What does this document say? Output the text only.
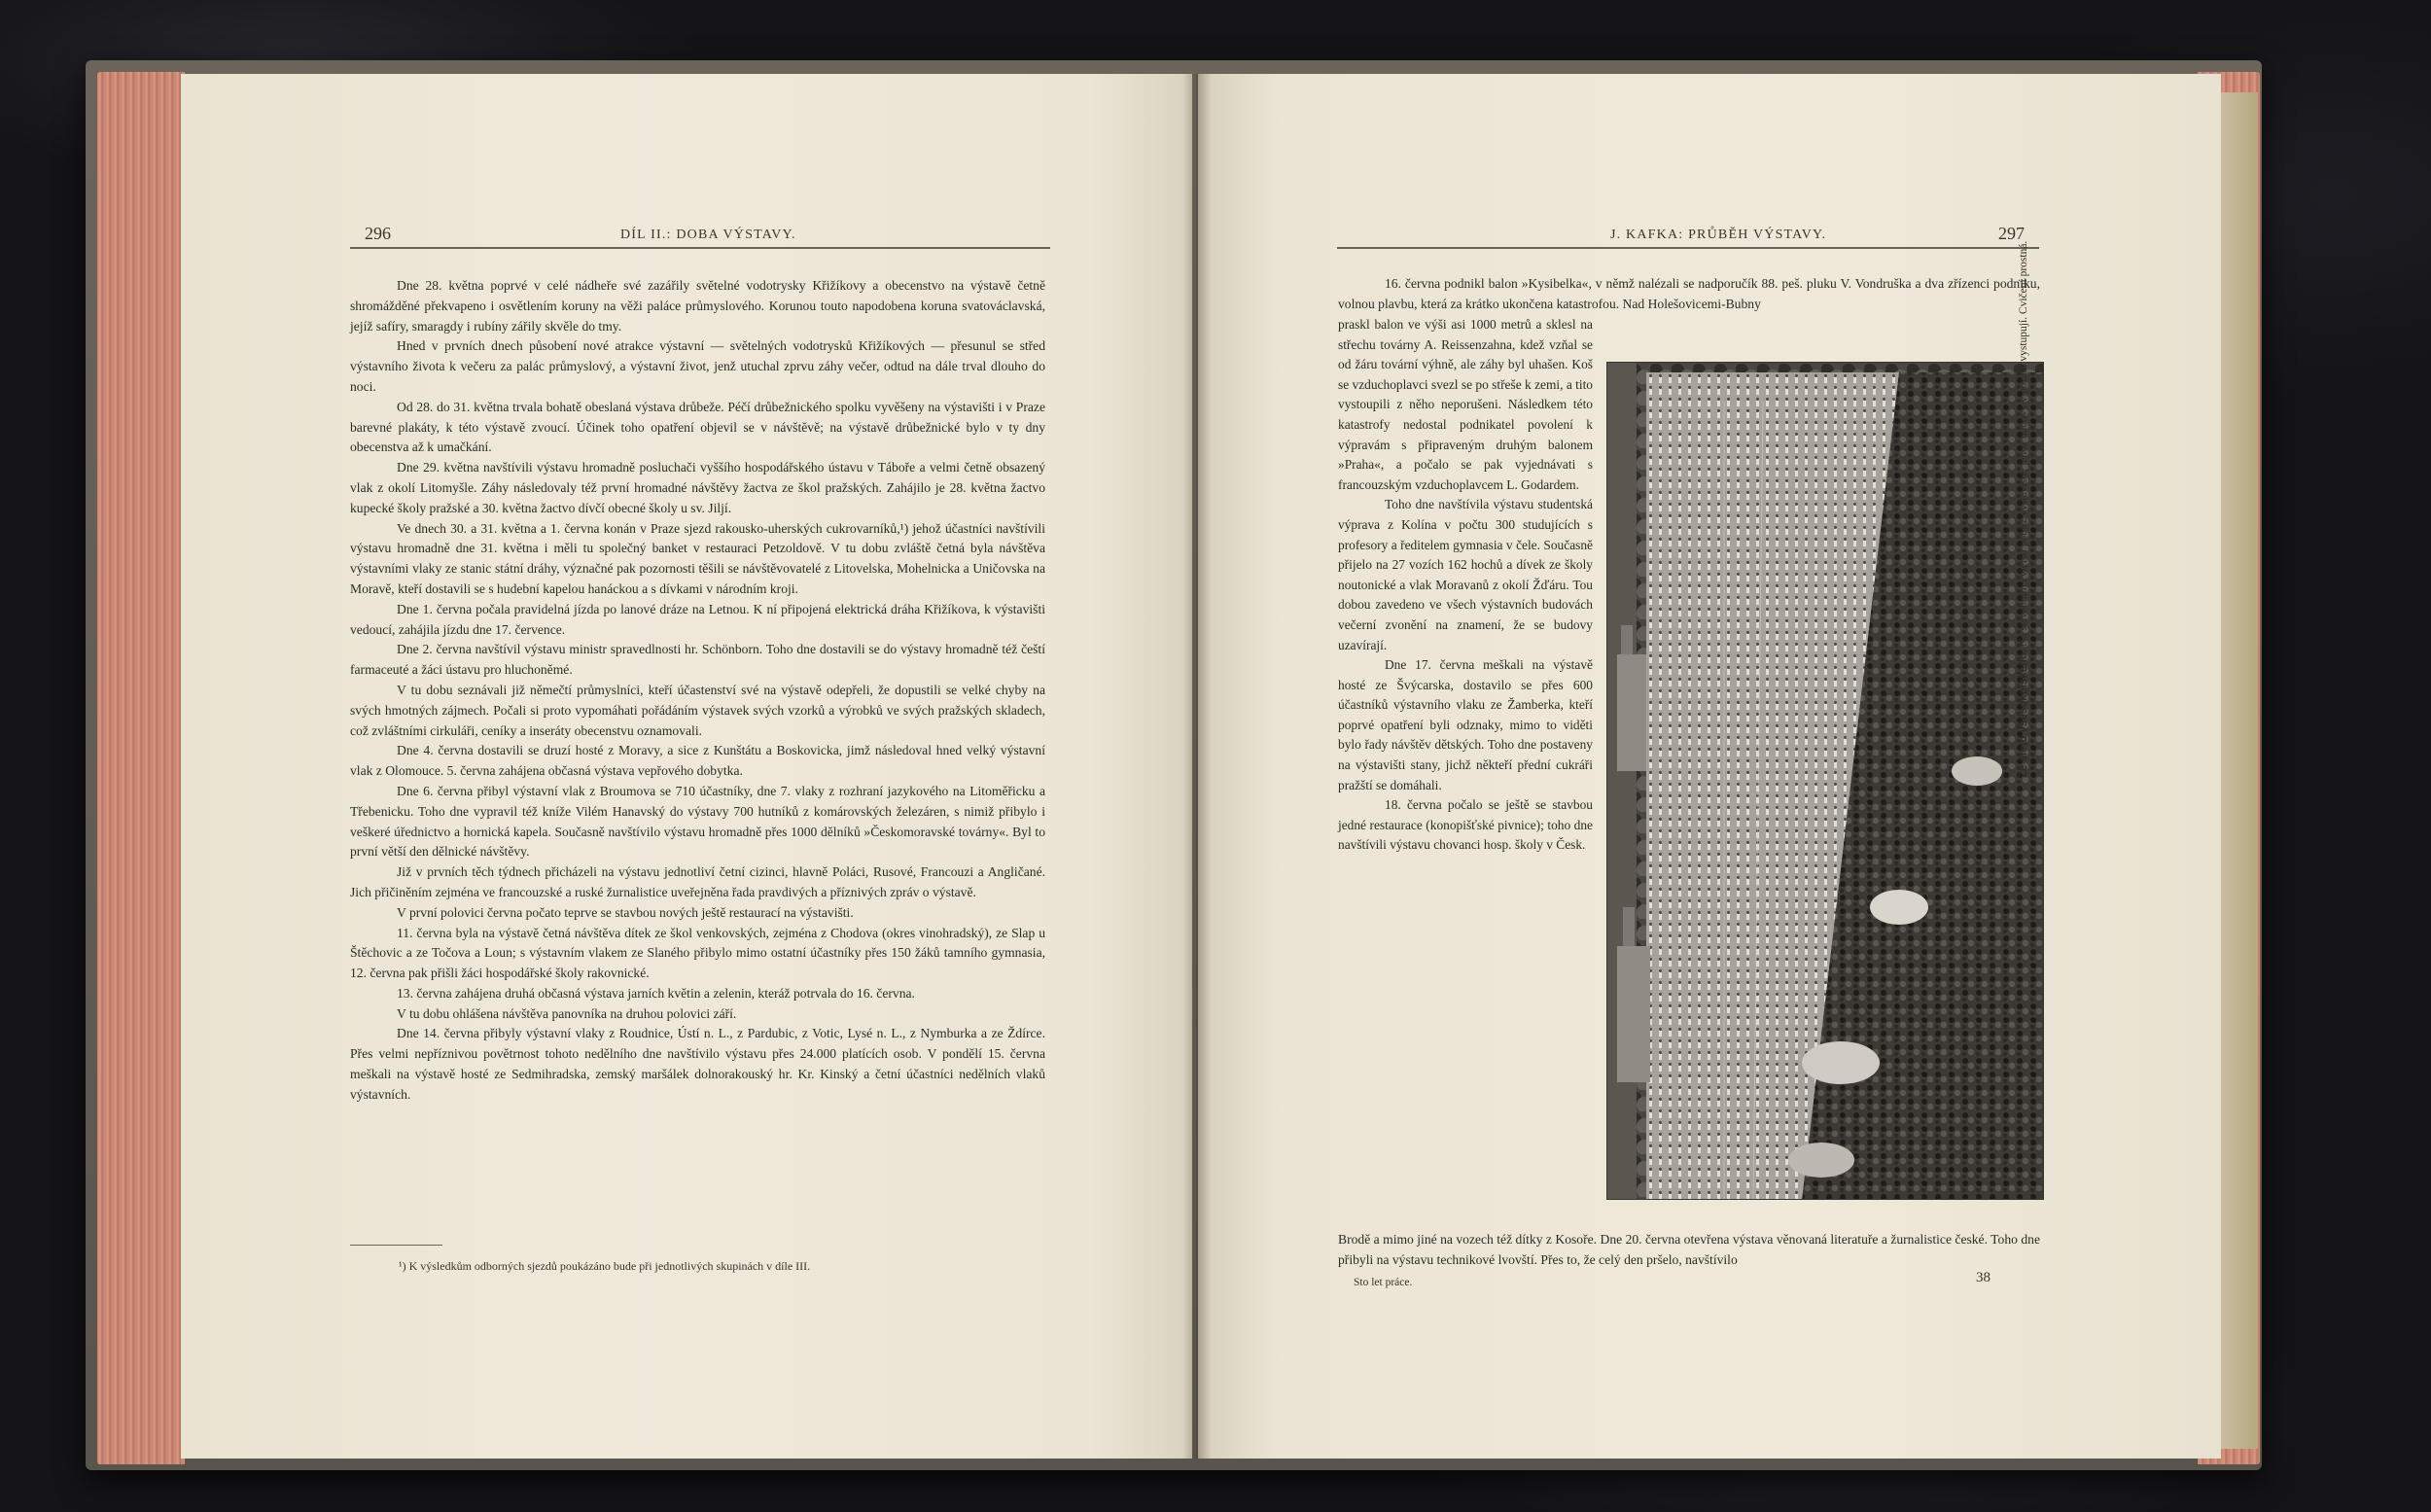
296	DÍL II.: DOBA VÝSTAVY.

Dne 28. května poprvé v celé nádheře své zazářily světelné vodotrysky Křižíkovy a obecenstvo na výstavě četně shromážděné překvapeno i osvětlením koruny na věži paláce průmyslového. Korunou touto napodobena koruna svatováclavská, jejíž safíry, smaragdy i rubíny zářily skvěle do tmy.

Hned v prvních dnech působení nové atrakce výstavní — světelných vodotrysků Křižíkových — přesunul se střed výstavního života k večeru za palác průmyslový, a výstavní život, jenž utuchal zprvu záhy večer, odtud na dále trval dlouho do noci.

Od 28. do 31. května trvala bohatě obeslaná výstava drůbeže. Péčí drůbežnického spolku vyvěšeny na výstavišti i v Praze barevné plakáty, k této výstavě zvoucí. Účinek toho opatření objevil se v návštěvě; na výstavě drůbežnické bylo v ty dny obecenstva až k umačkání.

Dne 29. května navštívili výstavu hromadně posluchači vyššího hospodářského ústavu v Táboře a velmi četně obsazený vlak z okolí Litomyšle. Záhy následovaly též první hromadné návštěvy žactva ze škol pražských. Zahájilo je 28. května žactvo kupecké školy pražské a 30. května žactvo dívčí obecné školy u sv. Jiljí.

Ve dnech 30. a 31. května a 1. června konán v Praze sjezd rakousko-uherských cukrovarníků,¹) jehož účastníci navštívili výstavu hromadně dne 31. května i měli tu společný banket v restauraci Petzoldově. V tu dobu zvláště četná byla návštěva výstavními vlaky ze stanic státní dráhy, význačné pak pozornosti těšili se návštěvovatelé z Litovelska, Mohelnicka a Uničovska na Moravě, kteří dostavili se s hudební kapelou hanáckou a s dívkami v národním kroji.

Dne 1. června počala pravidelná jízda po lanové dráze na Letnou. K ní připojená elektrická dráha Křižíkova, k výstavišti vedoucí, zahájila jízdu dne 17. července.

Dne 2. června navštívil výstavu ministr spravedlnosti hr. Schönborn. Toho dne dostavili se do výstavy hromadně též čeští farmaceuté a žáci ústavu pro hluchoněmé.

V tu dobu seznávali již němečtí průmyslníci, kteří účastenství své na výstavě odepřeli, že dopustili se velké chyby na svých hmotných zájmech. Počali si proto vypomáhati pořádáním výstavek svých vzorků a výrobků ve svých pražských skladech, což zvláštními cirkuláři, ceníky a inseráty obecenstvu oznamovali.

Dne 4. června dostavili se druzí hosté z Moravy, a sice z Kunštátu a Boskovicka, jimž následoval hned velký výstavní vlak z Olomouce. 5. června zahájena občasná výstava vepřového dobytka.

Dne 6. června přibyl výstavní vlak z Broumova se 710 účastníky, dne 7. vlaky z rozhraní jazykového na Litoměřicku a Třebenicku. Toho dne vypravil též kníže Vilém Hanavský do výstavy 700 hutníků z komárovských železáren, s nimiž přibylo i veškeré úřednictvo a hornická kapela. Současně navštívilo výstavu hromadně přes 1000 dělníků »Českomoravské továrny«. Byl to první větší den dělnické návštěvy.

Již v prvních těch týdnech přicházeli na výstavu jednotliví četní cizinci, hlavně Poláci, Rusové, Francouzi a Angličané. Jich přičiněním zejména ve francouzské a ruské žurnalistice uveřejněna řada pravdivých a příznivých zpráv o výstavě.

V první polovici června počato teprve se stavbou nových ještě restaurací na výstavišti.

11. června byla na výstavě četná návštěva dítek ze škol venkovských, zejména z Chodova (okres vinohradský), ze Slap u Štěchovic a ze Točova a Loun; s výstavním vlakem ze Slaného přibylo mimo ostatní účastníky přes 150 žáků tamního gymnasia, 12. června pak přišli žáci hospodářské školy rakovnické.

13. června zahájena druhá občasná výstava jarních květin a zelenin, kteráž potrvala do 16. června.

V tu dobu ohlášena návštěva panovníka na druhou polovici září.

Dne 14. června přibyly výstavní vlaky z Roudnice, Ústí n. L., z Pardubic, z Votic, Lysé n. L., z Nymburka a ze Ždírce. Přes velmi nepříznivou povětrnost tohoto nedělního dne navštívilo výstavu přes 24.000 platících osob. V pondělí 15. června meškali na výstavě hosté ze Sedmihradska, zemský maršálek dolnorakouský hr. Kr. Kinský a četní účastníci nedělních vlaků výstavních.

¹) K výsledkům odborných sjezdů poukázáno bude při jednotlivých skupinách v díle III.
J. KAFKA: PRŮBĚH VÝSTAVY.	297

16. června podnikl balon »Kysibelka«, v němž nalézali se nadporučík 88. peš. pluku V. Vondruška a dva zřízenci podniku, volnou plavbu, která za krátko ukončena katastrofou. Nad Holešovicemi-Bubny

praskl balon ve výši asi 1000 metrů a sklesl na střechu továrny A. Reissenzahna, kdež vzňal se od žáru tovární výhně, ale záhy byl uhašen. Koš se vzduchoplavci svezl se po střeše k zemi, a tito vystoupili z něho neporušeni. Následkem této katastrofy nedostal podnikatel povolení k výpravám s připraveným druhým balonem »Praha«, a počalo se pak vyjednávati s francouzským vzduchoplavcem L. Godardem.

Toho dne navštívila výstavu studentská výprava z Kolína v počtu 300 studujících s profesory a ředitelem gymnasia v čele. Současně přijelo na 27 vozích 162 hochů a dívek ze školy noutonické a vlak Moravanů z okolí Žďáru. Tou dobou zavedeno ve všech výstavních budovách večerní zvonění na znamení, že se budovy uzavírají.

Dne 17. června meškali na výstavě hosté ze Švýcarska, dostavilo se přes 600 účastníků výstavního vlaku ze Žamberka, kteří poprvé opatření byli odznaky, mimo to viděti bylo řady návštěv dětských. Toho dne postaveny na výstavišti stany, jichž někteří přední cukráři pražští se domáhali.

18. června počalo se ještě se stavbou jedné restaurace (konopišťské pivnice); toho dne navštívili výstavu chovanci hosp. školy v Česk.

Ze sletu všesokolského. Na stavebním cvičišti poblíž výstaviště, jehož budovy v pozadí vystupují. Cvičení prostná.

Brodě a mimo jiné na vozech též dítky z Kosoře. Dne 20. června otevřena výstava věnovaná literatuře a žurnalistice české. Toho dne přibyli na výstavu technikové lvovští. Přes to, že celý den pršelo, navštívilo

Sto let práce.	38
